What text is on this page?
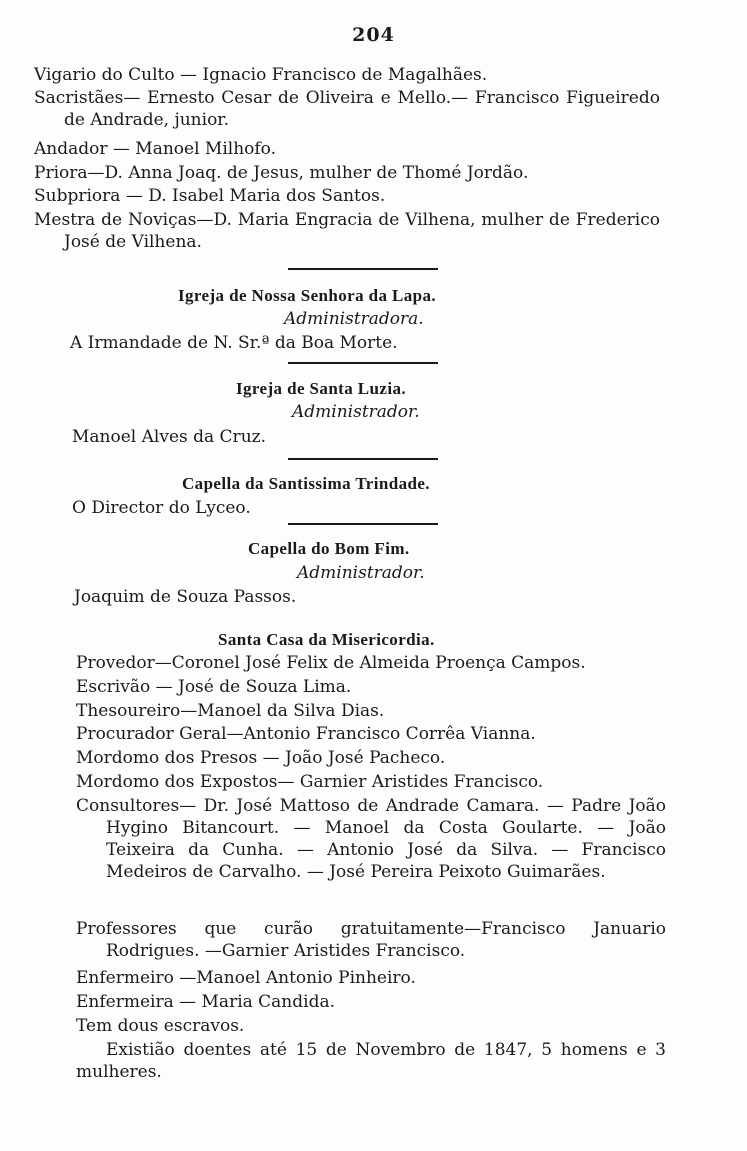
204
Vigario do Culto — Ignacio Francisco de Magalhães.
Sacristães— Ernesto Cesar de Oliveira e Mello.— Francisco Figueiredo de Andrade, junior.
Andador — Manoel Milhofo.
Priora—D. Anna Joaq. de Jesus, mulher de Thomé Jordão.
Subpriora — D. Isabel Maria dos Santos.
Mestra de Noviças—D. Maria Engracia de Vilhena, mulher de Frederico José de Vilhena.
Igreja de Nossa Senhora da Lapa.
Administradora.
A Irmandade de N. Sr.ª da Boa Morte.
Igreja de Santa Luzia.
Administrador.
Manoel Alves da Cruz.
Capella da Santissima Trindade.
O Director do Lyceo.
Capella do Bom Fim.
Administrador.
Joaquim de Souza Passos.
Santa Casa da Misericordia.
Provedor—Coronel José Felix de Almeida Proença Campos.
Escrivão — José de Souza Lima.
Thesoureiro—Manoel da Silva Dias.
Procurador Geral—Antonio Francisco Corrêa Vianna.
Mordomo dos Presos — João José Pacheco.
Mordomo dos Expostos— Garnier Aristides Francisco.
Consultores— Dr. José Mattoso de Andrade Camara. — Padre João Hygino Bitancourt. — Manoel da Costa Goularte. — João Teixeira da Cunha. — Antonio José da Silva. — Francisco Medeiros de Carvalho. — José Pereira Peixoto Guimarães.
Professores que curão gratuitamente—Francisco Januario Rodrigues. —Garnier Aristides Francisco.
Enfermeiro —Manoel Antonio Pinheiro.
Enfermeira — Maria Candida.
Tem dous escravos.
Existião doentes até 15 de Novembro de 1847, 5 homens e 3 mulheres.
